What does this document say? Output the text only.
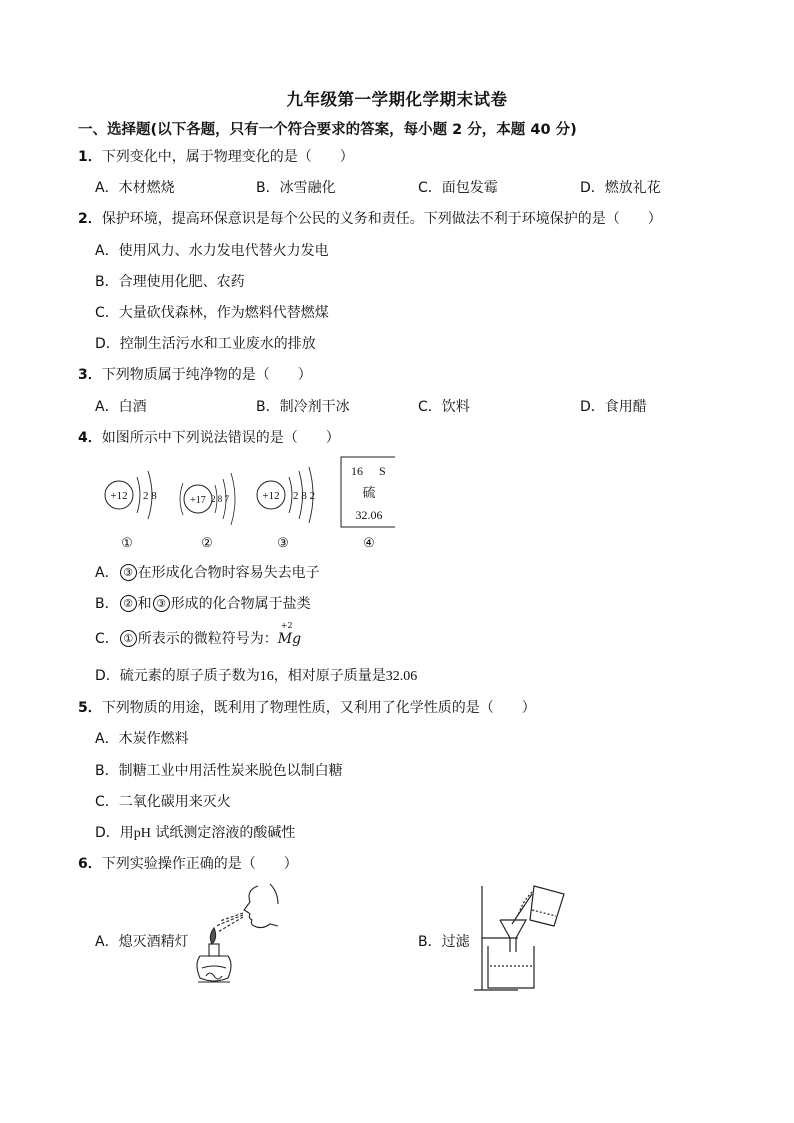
九年级第一学期化学期末试卷
一、选择题(以下各题，只有一个符合要求的答案，每小题 2 分，本题 40 分)
1．下列变化中，属于物理变化的是（　　）
A．木材燃烧	B．冰雪融化	C．面包发霉	D．燃放礼花
2．保护环境，提高环保意识是每个公民的义务和责任。下列做法不利于环境保护的是（　　）
A．使用风力、水力发电代替火力发电
B．合理使用化肥、农药
C．大量砍伐森林，作为燃料代替燃煤
D．控制生活污水和工业废水的排放
3．下列物质属于纯净物的是（　　）
A．白酒	B．制冷剂干冰	C．饮料	D．食用醋
4．如图所示中下列说法错误的是（　　）
+12 2 8
①
+17 2 8 7
②
+12 2 8 2
③
16 S
硫
32.06
④
A． ③ 在形成化合物时容易失去电子
B． ② 和 ③ 形成的化合物属于盐类
C． ① 所表示的微粒符号为：
+2
Mg
D．硫元素的原子质子数为16，相对原子质量是32.06
5．下列物质的用途，既利用了物理性质，又利用了化学性质的是（　　）
A．木炭作燃料
B．制糖工业中用活性炭来脱色以制白糖
C．二氧化碳用来灭火
D．用pH 试纸测定溶液的酸碱性
6．下列实验操作正确的是（　　）
A．熄灭酒精灯	B．过滤
